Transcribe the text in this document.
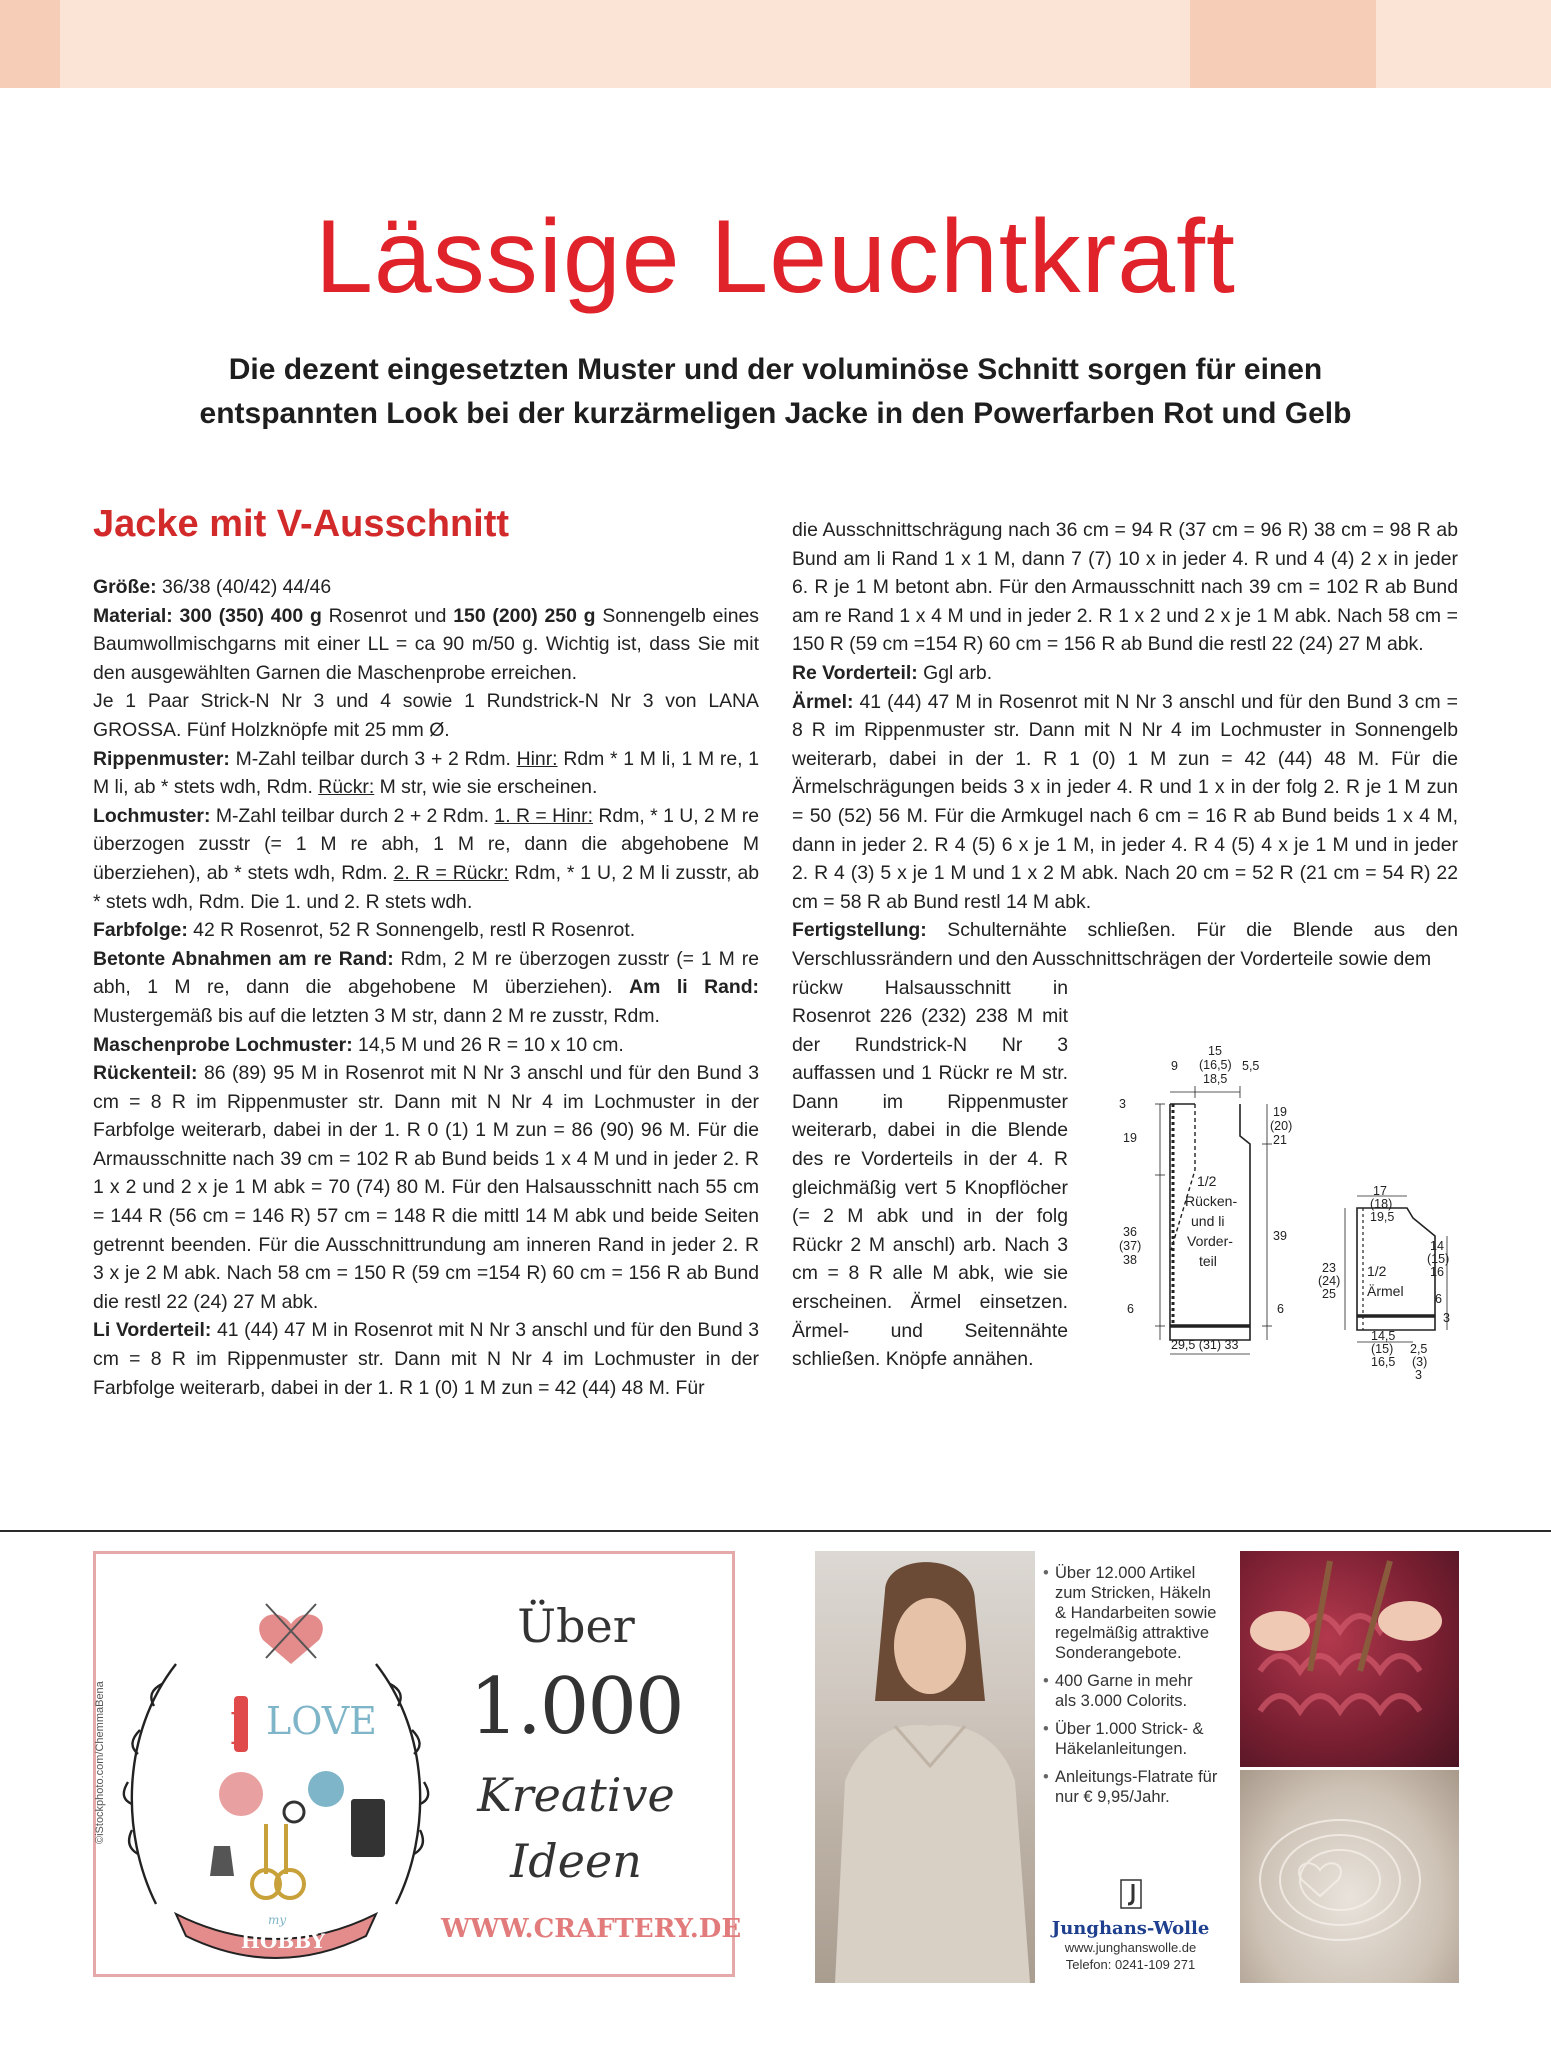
Lässige Leuchtkraft
Die dezent eingesetzten Muster und der voluminöse Schnitt sorgen für einen
entspannten Look bei der kurzärmeligen Jacke in den Powerfarben Rot und Gelb
Jacke mit V-Ausschnitt

Größe: 36/38 (40/42) 44/46

Material: 300 (350) 400 g Rosenrot und 150 (200) 250 g Sonnengelb eines Baumwollmischgarns mit einer LL = ca 90 m/50 g. Wichtig ist, dass Sie mit den ausgewählten Garnen die Maschenprobe erreichen.

Je 1 Paar Strick-N Nr 3 und 4 sowie 1 Rundstrick-N Nr 3 von LANA GROSSA. Fünf Holzknöpfe mit 25 mm Ø.

Rippenmuster: M-Zahl teilbar durch 3 + 2 Rdm. Hinr: Rdm * 1 M li, 1 M re, 1 M li, ab * stets wdh, Rdm. Rückr: M str, wie sie erscheinen.

Lochmuster: M-Zahl teilbar durch 2 + 2 Rdm. 1. R = Hinr: Rdm, * 1 U, 2 M re überzogen zusstr (= 1 M re abh, 1 M re, dann die abgehobene M überziehen), ab * stets wdh, Rdm. 2. R = Rückr: Rdm, * 1 U, 2 M li zusstr, ab * stets wdh, Rdm. Die 1. und 2. R stets wdh.

Farbfolge: 42 R Rosenrot, 52 R Sonnengelb, restl R Rosenrot.

Betonte Abnahmen am re Rand: Rdm, 2 M re überzogen zusstr (= 1 M re abh, 1 M re, dann die abgehobene M überziehen). Am li Rand: Mustergemäß bis auf die letzten 3 M str, dann 2 M re zusstr, Rdm.

Maschenprobe Lochmuster: 14,5 M und 26 R = 10 x 10 cm.

Rückenteil: 86 (89) 95 M in Rosenrot mit N Nr 3 anschl und für den Bund 3 cm = 8 R im Rippenmuster str. Dann mit N Nr 4 im Lochmuster in der Farbfolge weiterarb, dabei in der 1. R 0 (1) 1 M zun = 86 (90) 96 M. Für die Armausschnitte nach 39 cm = 102 R ab Bund beids 1 x 4 M und in jeder 2. R 1 x 2 und 2 x je 1 M abk = 70 (74) 80 M. Für den Halsausschnitt nach 55 cm = 144 R (56 cm = 146 R) 57 cm = 148 R die mittl 14 M abk und beide Seiten getrennt beenden. Für die Ausschnittrundung am inneren Rand in jeder 2. R 3 x je 2 M abk. Nach 58 cm = 150 R (59 cm =154 R) 60 cm = 156 R ab Bund die restl 22 (24) 27 M abk.

Li Vorderteil: 41 (44) 47 M in Rosenrot mit N Nr 3 anschl und für den Bund 3 cm = 8 R im Rippenmuster str. Dann mit N Nr 4 im Lochmuster in der Farbfolge weiterarb, dabei in der 1. R 1 (0) 1 M zun = 42 (44) 48 M. Für

die Ausschnittschrägung nach 36 cm = 94 R (37 cm = 96 R) 38 cm = 98 R ab Bund am li Rand 1 x 1 M, dann 7 (7) 10 x in jeder 4. R und 4 (4) 2 x in jeder 6. R je 1 M betont abn. Für den Armausschnitt nach 39 cm = 102 R ab Bund am re Rand 1 x 4 M und in jeder 2. R 1 x 2 und 2 x je 1 M abk. Nach 58 cm = 150 R (59 cm =154 R) 60 cm = 156 R ab Bund die restl 22 (24) 27 M abk.

Re Vorderteil: Ggl arb.

Ärmel: 41 (44) 47 M in Rosenrot mit N Nr 3 anschl und für den Bund 3 cm = 8 R im Rippenmuster str. Dann mit N Nr 4 im Lochmuster in Sonnengelb weiterarb, dabei in der 1. R 1 (0) 1 M zun = 42 (44) 48 M. Für die Ärmelschrägungen beids 3 x in jeder 4. R und 1 x in der folg 2. R je 1 M zun = 50 (52) 56 M. Für die Armkugel nach 6 cm = 16 R ab Bund beids 1 x 4 M, dann in jeder 2. R 4 (5) 6 x je 1 M, in jeder 4. R 4 (5) 4 x je 1 M und in jeder 2. R 4 (3) 5 x je 1 M und 1 x 2 M abk. Nach 20 cm = 52 R (21 cm = 54 R) 22 cm = 58 R ab Bund restl 14 M abk.

Fertigstellung: Schulternähte schließen. Für die Blende aus den Verschlussrändern und den Ausschnittschrägen der Vorderteile sowie dem

rückw Halsausschnitt in Rosenrot 226 (232) 238 M mit der Rundstrick-N Nr 3 auffassen und 1 Rückr re M str. Dann im Rippenmuster weiterarb, dabei in die Blende des re Vorderteils in der 4. R gleichmäßig vert 5 Knopflöcher (= 2 M abk und in der folg Rückr 2 M anschl) arb. Nach 3 cm = 8 R alle M abk, wie sie erscheinen. Ärmel einsetzen. Ärmel- und Seitennähte schließen. Knöpfe annähen.

9
15
(16,5)
18,5
5,5
3
19
36
(37)
38
6
19
(20)
21
39
6
29,5 (31) 33
1/2
Rücken-
und li
Vorder-
teil
17
(18)
19,5
23
(24)
25
14
(15)
16
6
3
14,5
(15)
16,5
2,5
(3)
3
1/2
Ärmel
I LOVE
HOBBY
my
©iStockphoto.com/ChemmaBena
Über
1.000
Kreative
Ideen
WWW.CRAFTERY.DE
• Über 12.000 Artikel zum Stricken, Häkeln & Handarbeiten sowie regelmäßig attraktive Sonderangebote.
• 400 Garne in mehr als 3.000 Colorits.
• Über 1.000 Strick- & Häkelanleitungen.
• Anleitungs-Flatrate für nur € 9,95/Jahr.
Junghans-Wolle
www.junghanswolle.de
Telefon: 0241-109 271
